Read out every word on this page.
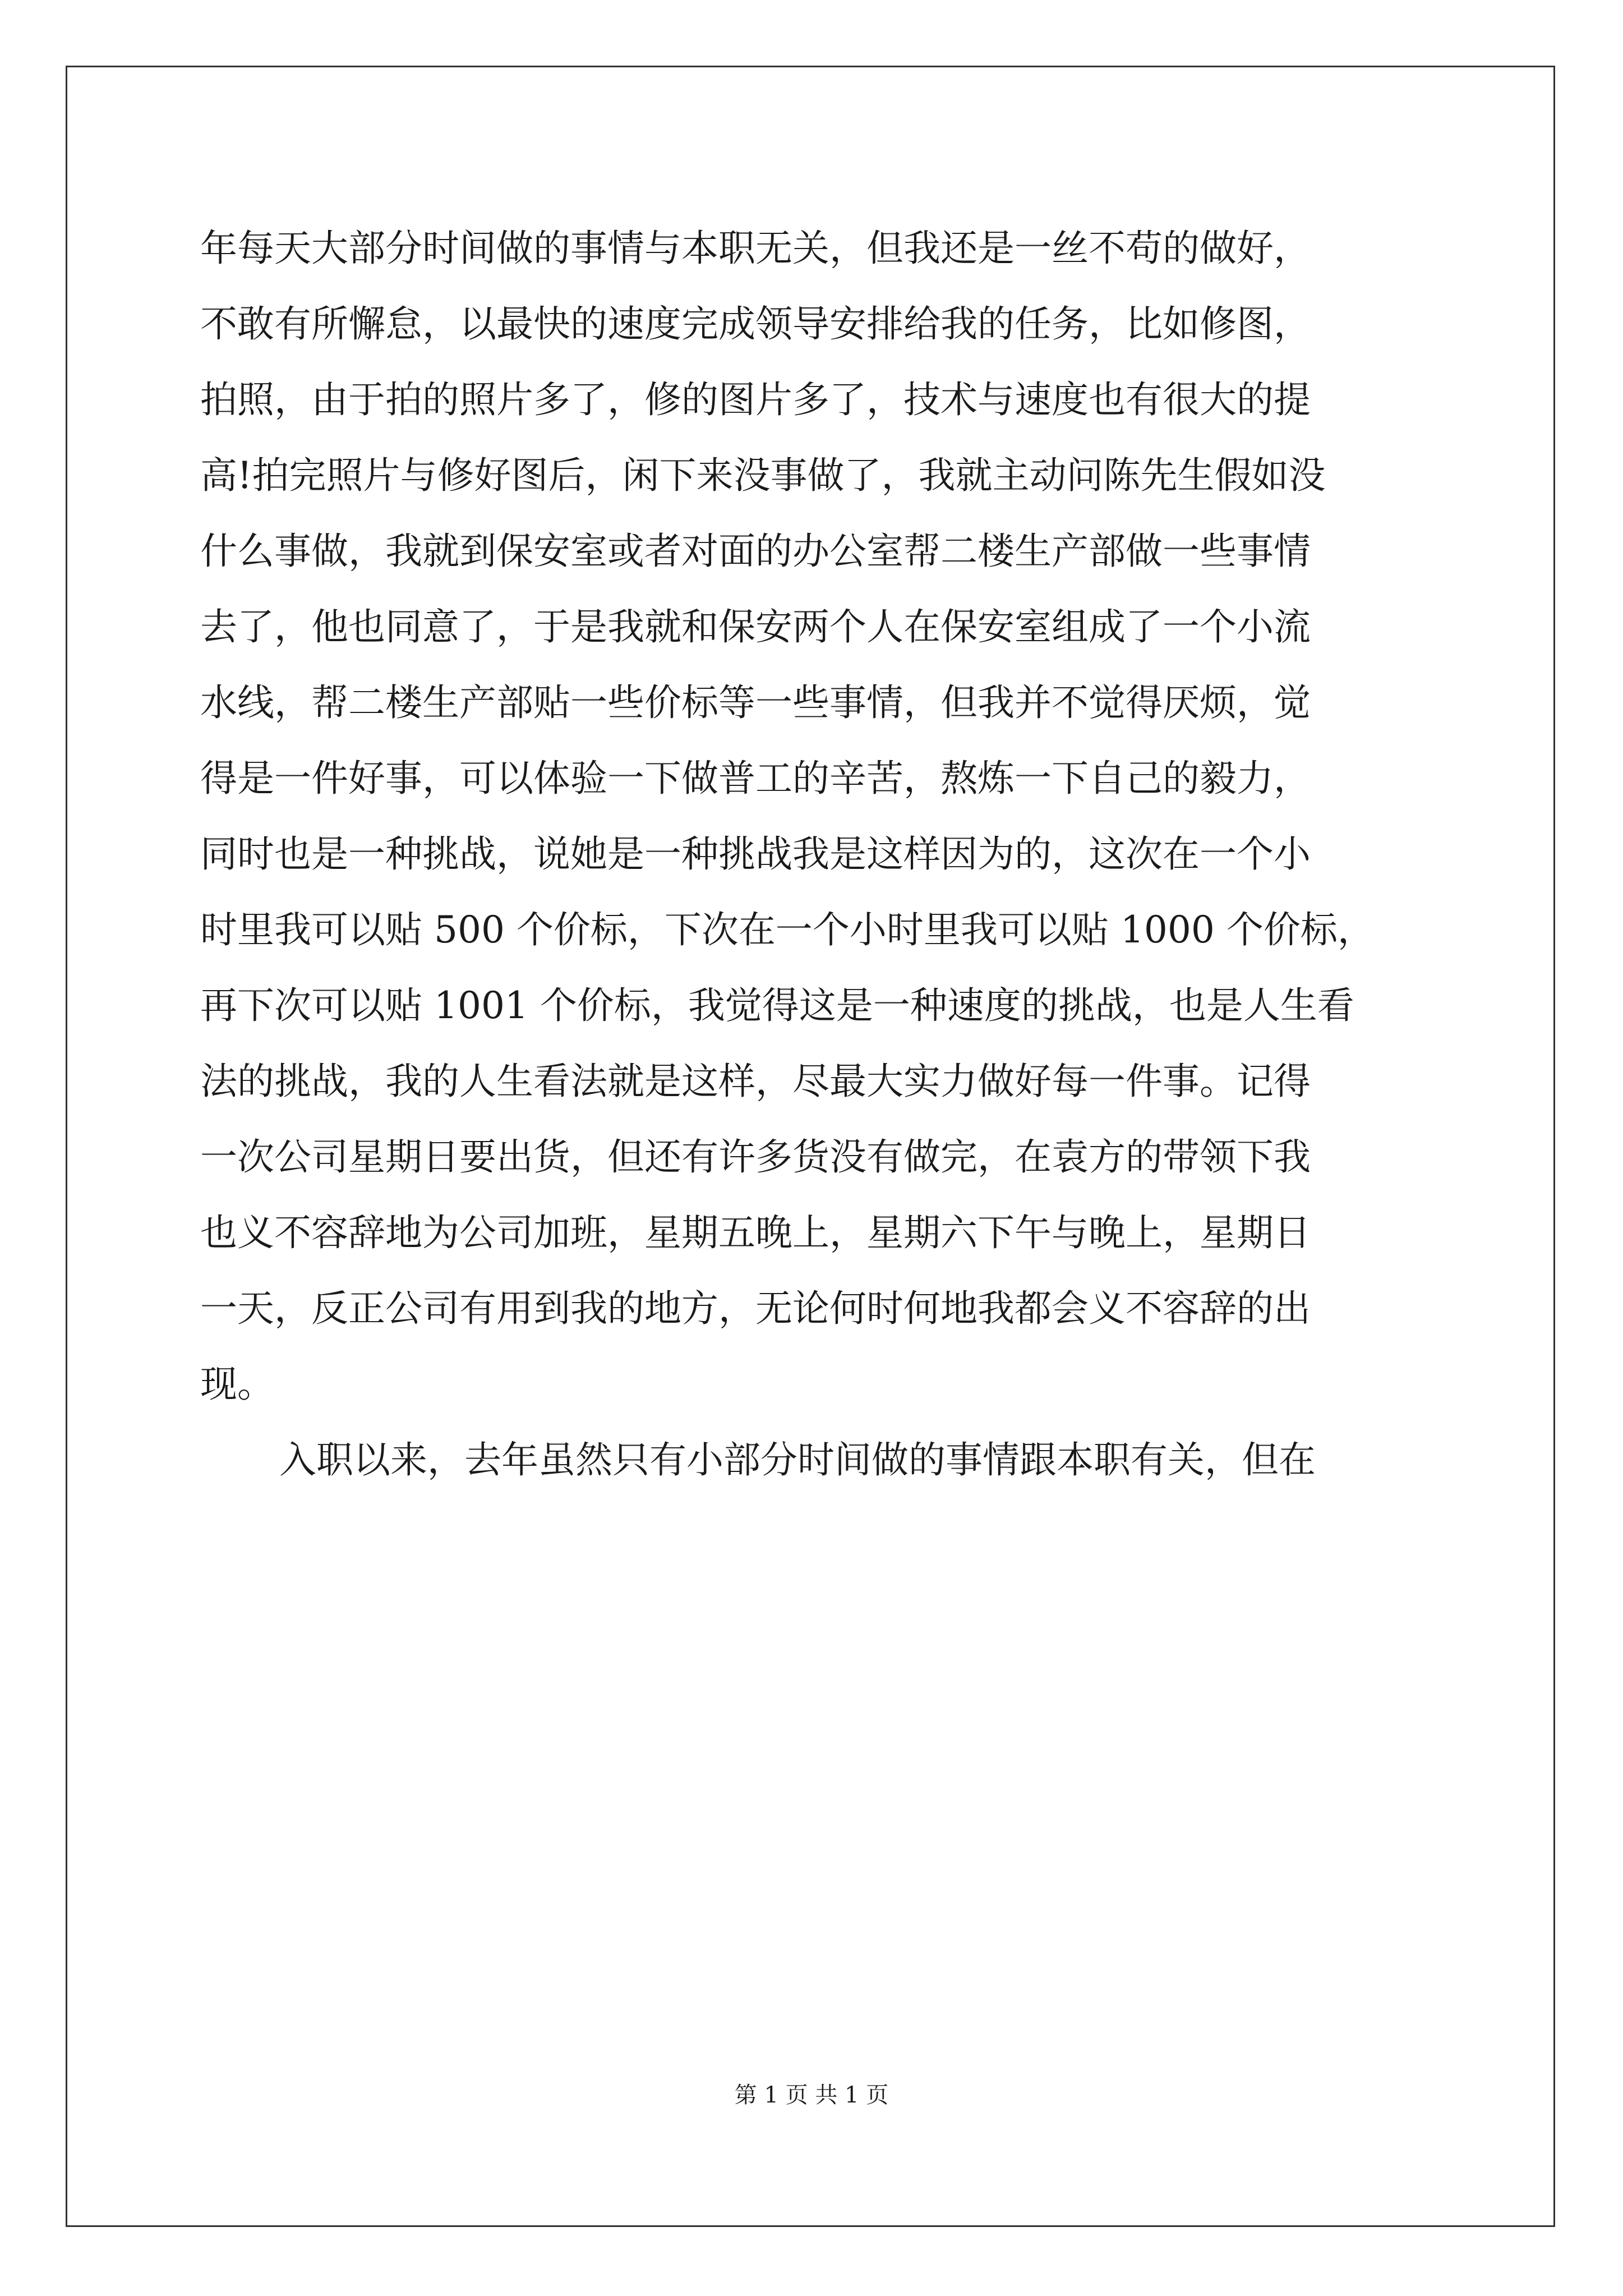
年每天大部分时间做的事情与本职无关，但我还是一丝不苟的做好，
不敢有所懈怠，以最快的速度完成领导安排给我的任务，比如修图，
拍照，由于拍的照片多了，修的图片多了，技术与速度也有很大的提
高!拍完照片与修好图后，闲下来没事做了，我就主动问陈先生假如没
什么事做，我就到保安室或者对面的办公室帮二楼生产部做一些事情
去了，他也同意了，于是我就和保安两个人在保安室组成了一个小流
水线，帮二楼生产部贴一些价标等一些事情，但我并不觉得厌烦，觉
得是一件好事，可以体验一下做普工的辛苦，熬炼一下自己的毅力，
同时也是一种挑战，说她是一种挑战我是这样因为的，这次在一个小
时里我可以贴 500 个价标，下次在一个小时里我可以贴 1000 个价标，
再下次可以贴 1001 个价标，我觉得这是一种速度的挑战，也是人生看
法的挑战，我的人生看法就是这样，尽最大实力做好每一件事。记得
一次公司星期日要出货，但还有许多货没有做完，在袁方的带领下我
也义不容辞地为公司加班，星期五晚上，星期六下午与晚上，星期日
一天，反正公司有用到我的地方，无论何时何地我都会义不容辞的出
现。
入职以来，去年虽然只有小部分时间做的事情跟本职有关，但在
第 1 页 共 1 页
